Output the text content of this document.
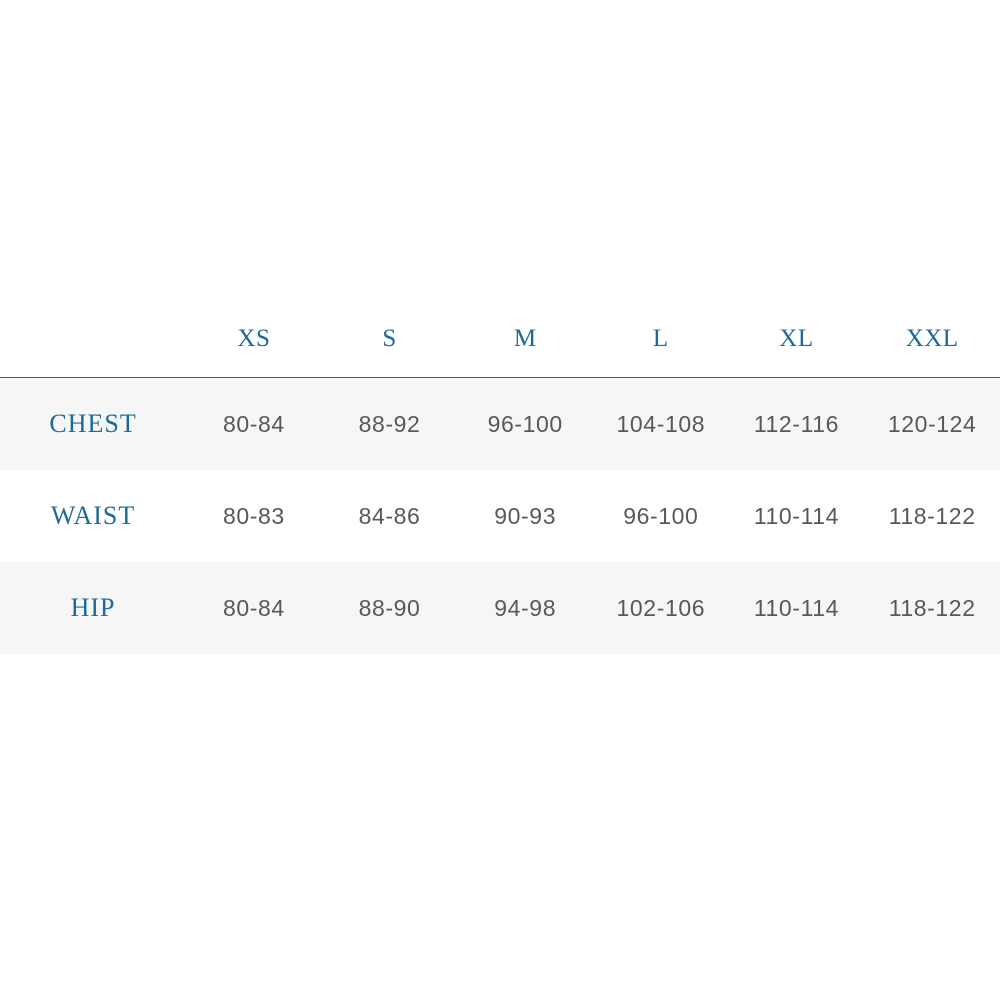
	XS	S	M	L	XL	XXL
CHEST	80-84	88-92	96-100	104-108	112-116	120-124
WAIST	80-83	84-86	90-93	96-100	110-114	118-122
HIP	80-84	88-90	94-98	102-106	110-114	118-122
